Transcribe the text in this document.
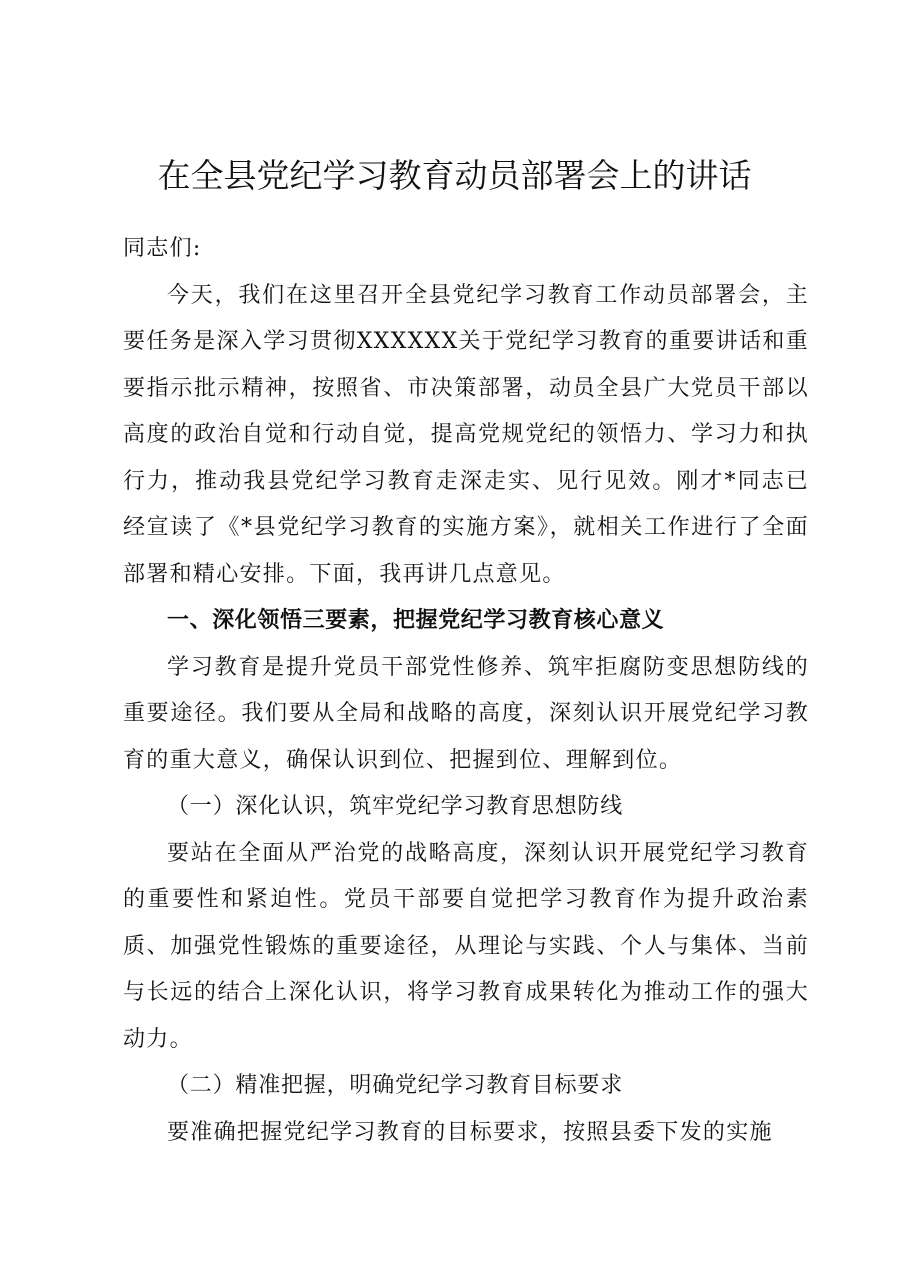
在全县党纪学习教育动员部署会上的讲话

同志们:

今天，我们在这里召开全县党纪学习教育工作动员部署会，主要任务是深入学习贯彻XXXXXX关于党纪学习教育的重要讲话和重要指示批示精神，按照省、市决策部署，动员全县广大党员干部以高度的政治自觉和行动自觉，提高党规党纪的领悟力、学习力和执行力，推动我县党纪学习教育走深走实、见行见效。刚才*同志已经宣读了《*县党纪学习教育的实施方案》，就相关工作进行了全面部署和精心安排。下面，我再讲几点意见。

一、深化领悟三要素，把握党纪学习教育核心意义

学习教育是提升党员干部党性修养、筑牢拒腐防变思想防线的重要途径。我们要从全局和战略的高度，深刻认识开展党纪学习教育的重大意义，确保认识到位、把握到位、理解到位。

（一）深化认识，筑牢党纪学习教育思想防线

要站在全面从严治党的战略高度，深刻认识开展党纪学习教育的重要性和紧迫性。党员干部要自觉把学习教育作为提升政治素质、加强党性锻炼的重要途径，从理论与实践、个人与集体、当前与长远的结合上深化认识，将学习教育成果转化为推动工作的强大动力。

（二）精准把握，明确党纪学习教育目标要求

要准确把握党纪学习教育的目标要求，按照县委下发的实施
